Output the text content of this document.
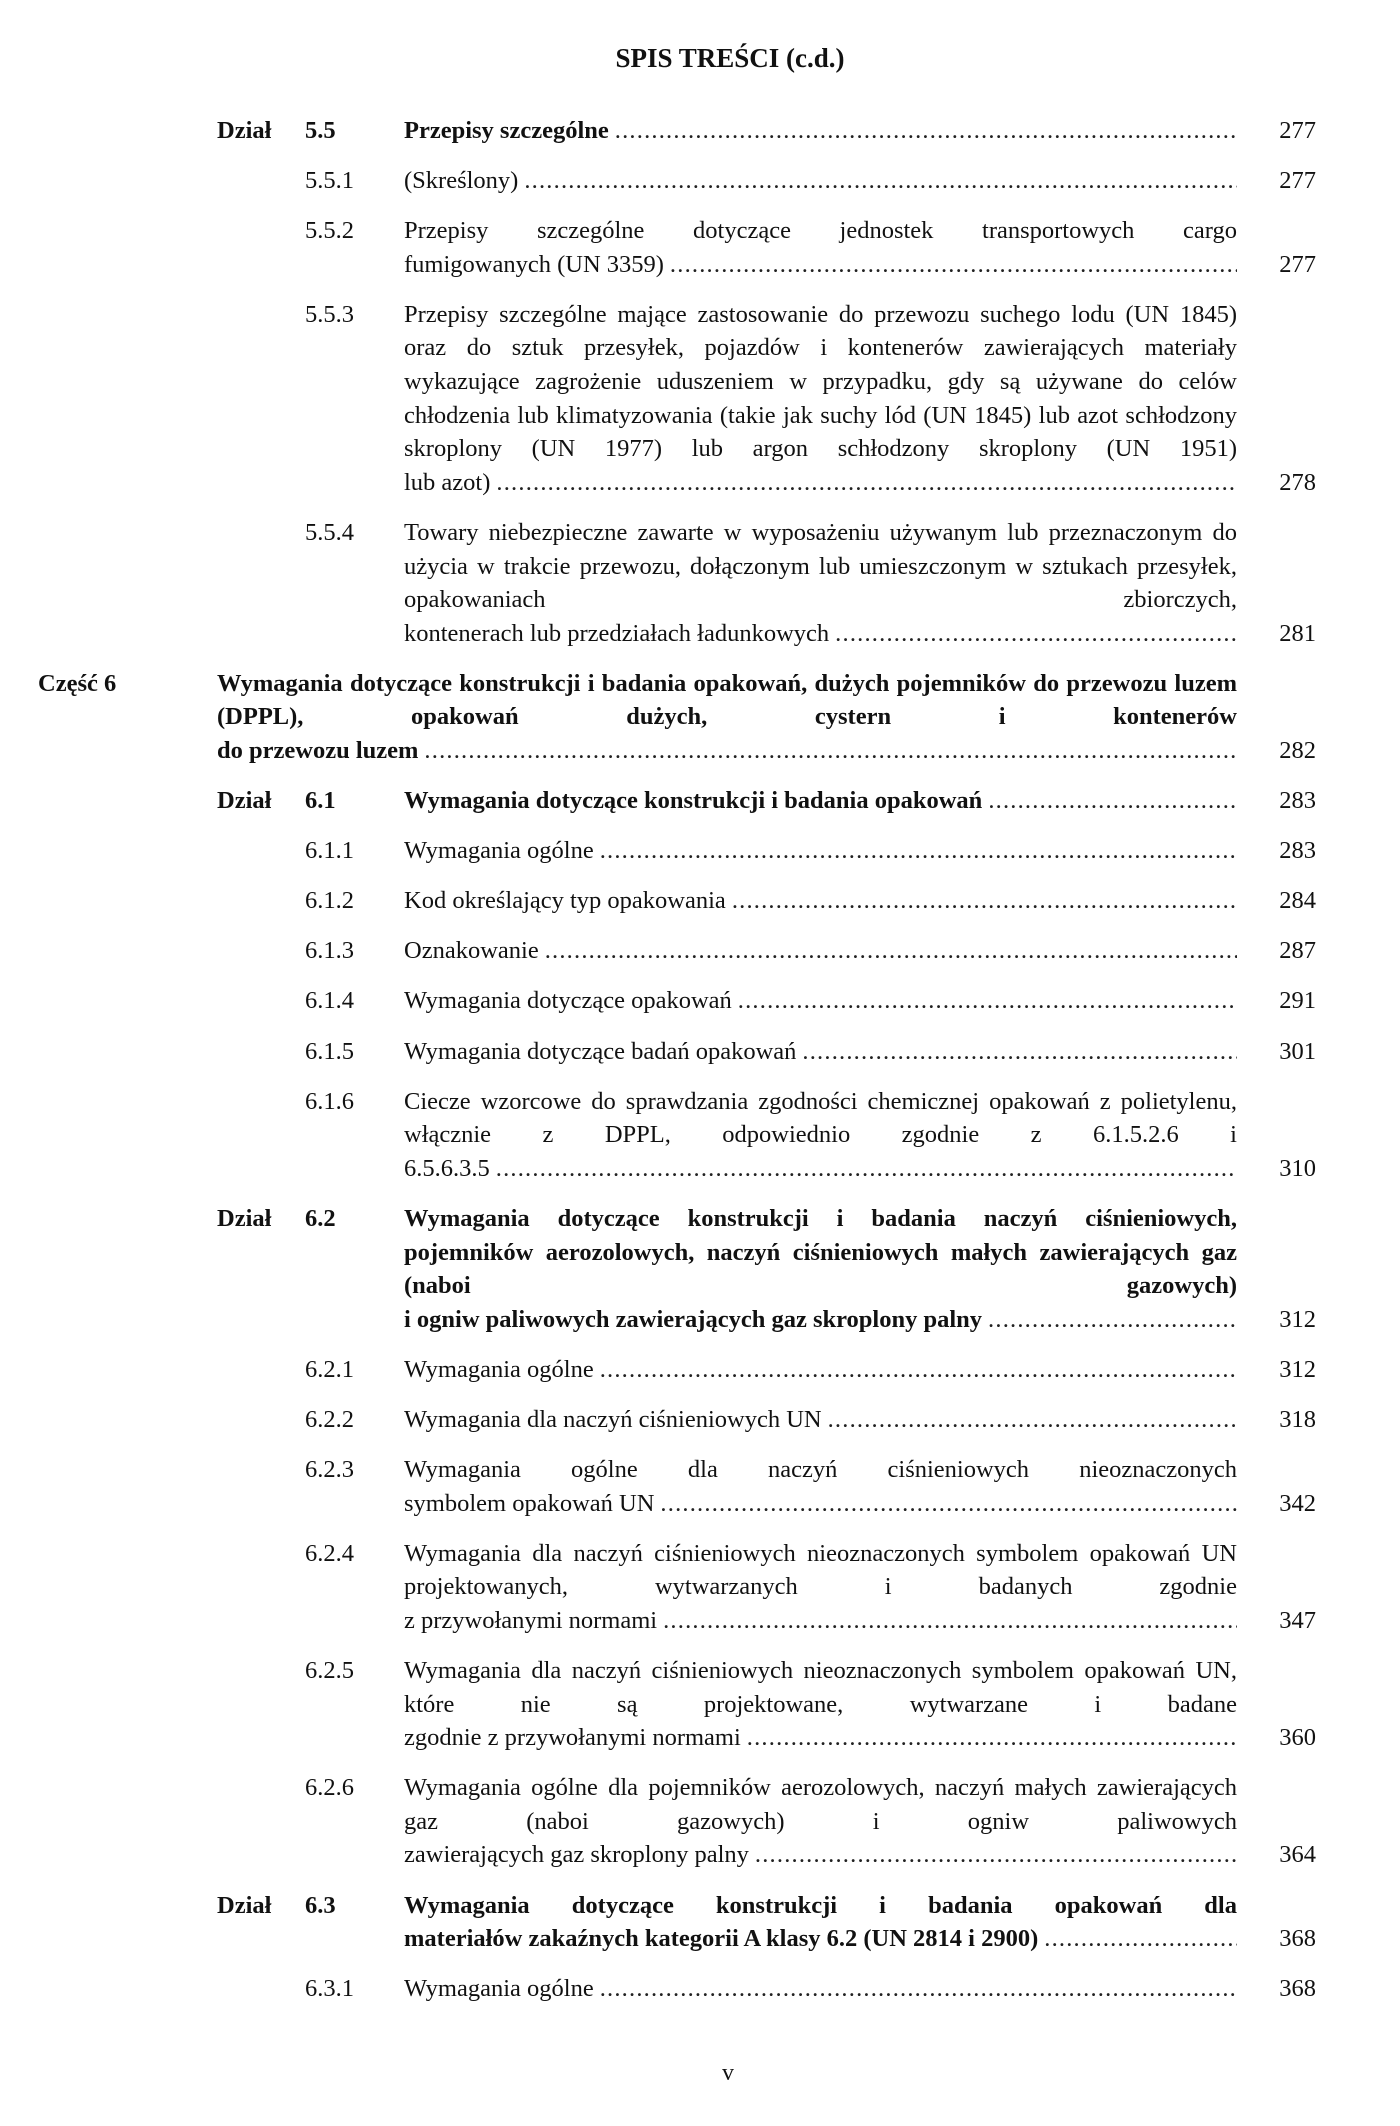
SPIS TREŚCI (c.d.)
Dział 5.5	Przepisy szczególne .....	277
5.5.1 (Skreślony) .....	277
5.5.2 Przepisy szczególne dotyczące jednostek transportowych cargo
fumigowanych (UN 3359) .....	277
5.5.3 Przepisy szczególne mające zastosowanie do przewozu suchego lodu (UN 1845) oraz do sztuk przesyłek, pojazdów i kontenerów zawierających materiały wykazujące zagrożenie uduszeniem w przypadku, gdy są używane do celów chłodzenia lub klimatyzowania (takie jak suchy lód (UN 1845) lub azot schłodzony skroplony (UN 1977) lub argon schłodzony skroplony (UN 1951)
lub azot) .....	278
5.5.4 Towary niebezpieczne zawarte w wyposażeniu używanym lub przeznaczonym do użycia w trakcie przewozu, dołączonym lub umieszczonym w sztukach przesyłek, opakowaniach zbiorczych,
kontenerach lub przedziałach ładunkowych .....	281
Część 6	Wymagania dotyczące konstrukcji i badania opakowań, dużych pojemników do przewozu luzem (DPPL), opakowań dużych, cystern i kontenerów
do przewozu luzem .....	282
Dział 6.1	Wymagania dotyczące konstrukcji i badania opakowań .....	283
6.1.1 Wymagania ogólne .....	283
6.1.2 Kod określający typ opakowania .....	284
6.1.3 Oznakowanie .....	287
6.1.4 Wymagania dotyczące opakowań .....	291
6.1.5 Wymagania dotyczące badań opakowań .....	301
6.1.6 Ciecze wzorcowe do sprawdzania zgodności chemicznej opakowań z polietylenu, włącznie z DPPL, odpowiednio zgodnie z 6.1.5.2.6 i
6.5.6.3.5 .....	310
Dział 6.2	Wymagania dotyczące konstrukcji i badania naczyń ciśnieniowych, pojemników aerozolowych, naczyń ciśnieniowych małych zawierających gaz (naboi gazowych)
i ogniw paliwowych zawierających gaz skroplony palny .....	312
6.2.1 Wymagania ogólne .....	312
6.2.2 Wymagania dla naczyń ciśnieniowych UN .....	318
6.2.3 Wymagania ogólne dla naczyń ciśnieniowych nieoznaczonych
symbolem opakowań UN .....	342
6.2.4 Wymagania dla naczyń ciśnieniowych nieoznaczonych symbolem opakowań UN projektowanych, wytwarzanych i badanych zgodnie
z przywołanymi normami .....	347
6.2.5 Wymagania dla naczyń ciśnieniowych nieoznaczonych symbolem opakowań UN, które nie są projektowane, wytwarzane i badane
zgodnie z przywołanymi normami .....	360
6.2.6 Wymagania ogólne dla pojemników aerozolowych, naczyń małych zawierających gaz (naboi gazowych) i ogniw paliwowych
zawierających gaz skroplony palny .....	364
Dział 6.3	Wymagania dotyczące konstrukcji i badania opakowań dla
materiałów zakaźnych kategorii A klasy 6.2 (UN 2814 i 2900) .....	368
6.3.1 Wymagania ogólne .....	368
v
